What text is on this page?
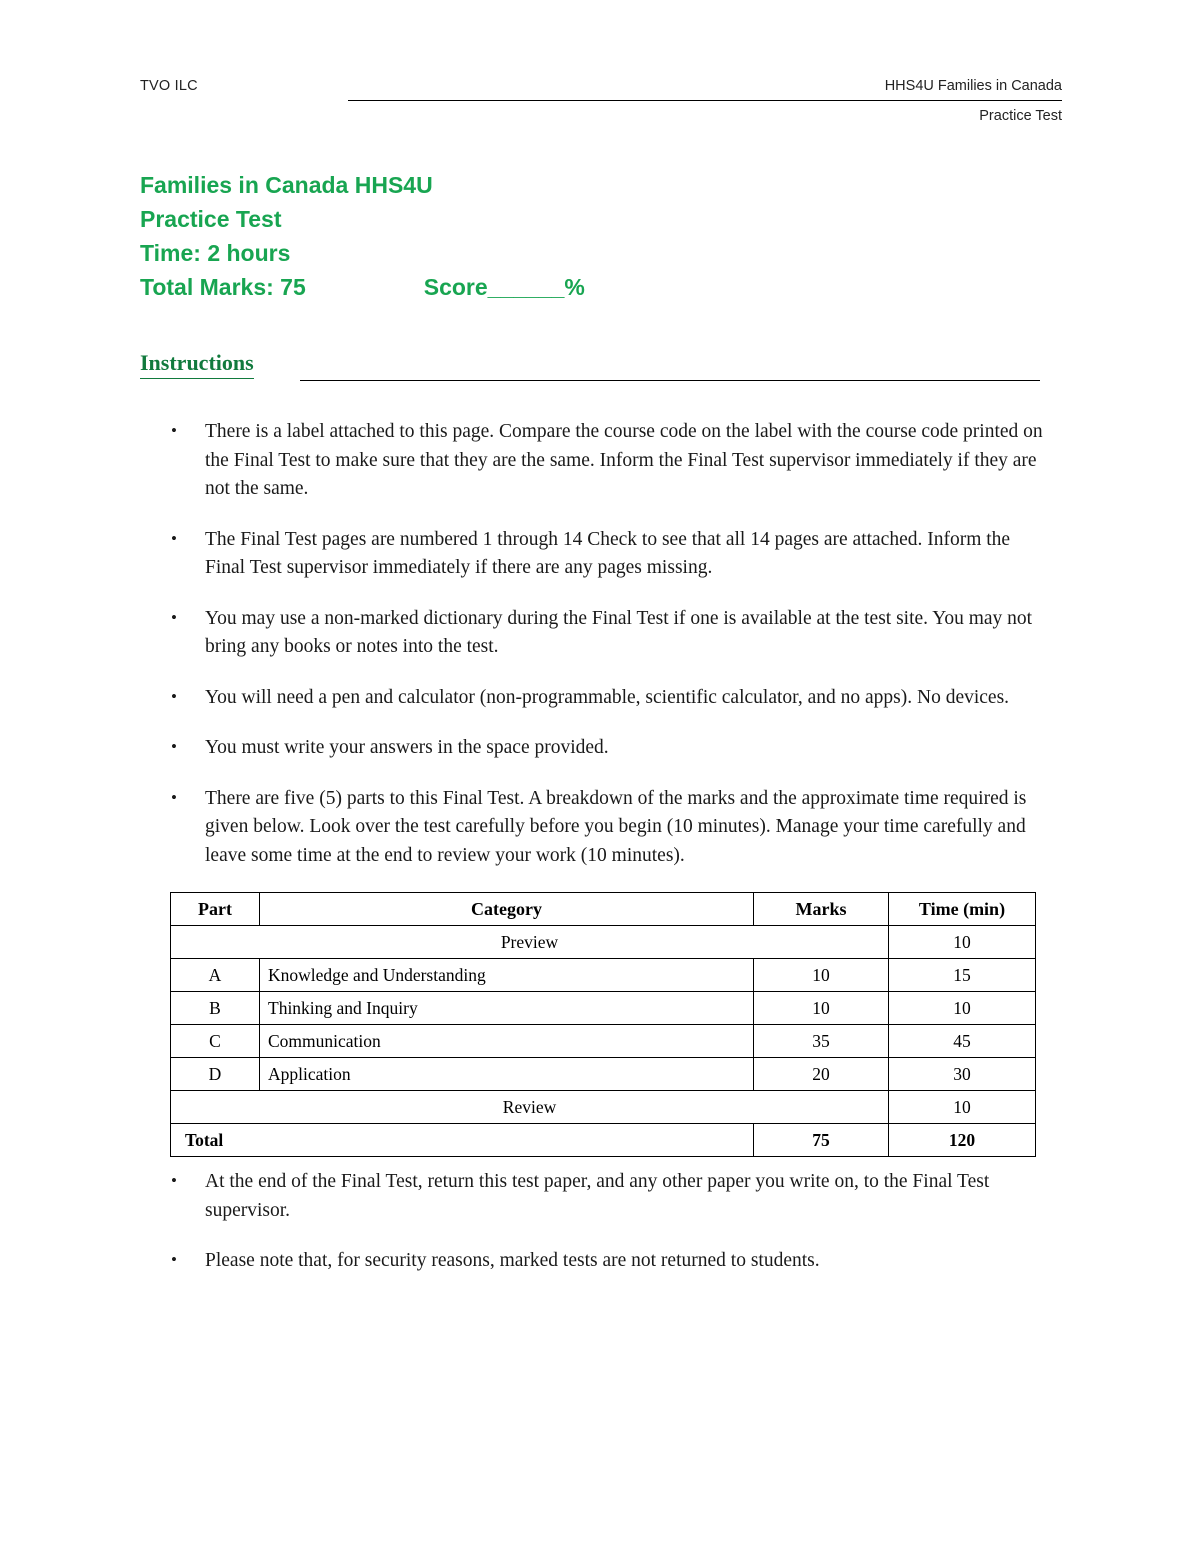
TVO ILC	HHS4U Families in Canada
Practice Test
Families in Canada HHS4U
Practice Test
Time: 2 hours
Total Marks: 75	Score______%
Instructions
• There is a label attached to this page. Compare the course code on the label with the course code printed on the Final Test to make sure that they are the same. Inform the Final Test supervisor immediately if they are not the same.
• The Final Test pages are numbered 1 through 14 Check to see that all 14 pages are attached. Inform the Final Test supervisor immediately if there are any pages missing.
• You may use a non-marked dictionary during the Final Test if one is available at the test site. You may not bring any books or notes into the test.
• You will need a pen and calculator (non-programmable, scientific calculator, and no apps). No devices.
• You must write your answers in the space provided.
• There are five (5) parts to this Final Test. A breakdown of the marks and the approximate time required is given below. Look over the test carefully before you begin (10 minutes). Manage your time carefully and leave some time at the end to review your work (10 minutes).
Part	Category	Marks	Time (min)
Preview			10
A	Knowledge and Understanding	10	15
B	Thinking and Inquiry	10	10
C	Communication	35	45
D	Application	20	30
Review			10
Total		75	120
• At the end of the Final Test, return this test paper, and any other paper you write on, to the Final Test supervisor.
• Please note that, for security reasons, marked tests are not returned to students.
